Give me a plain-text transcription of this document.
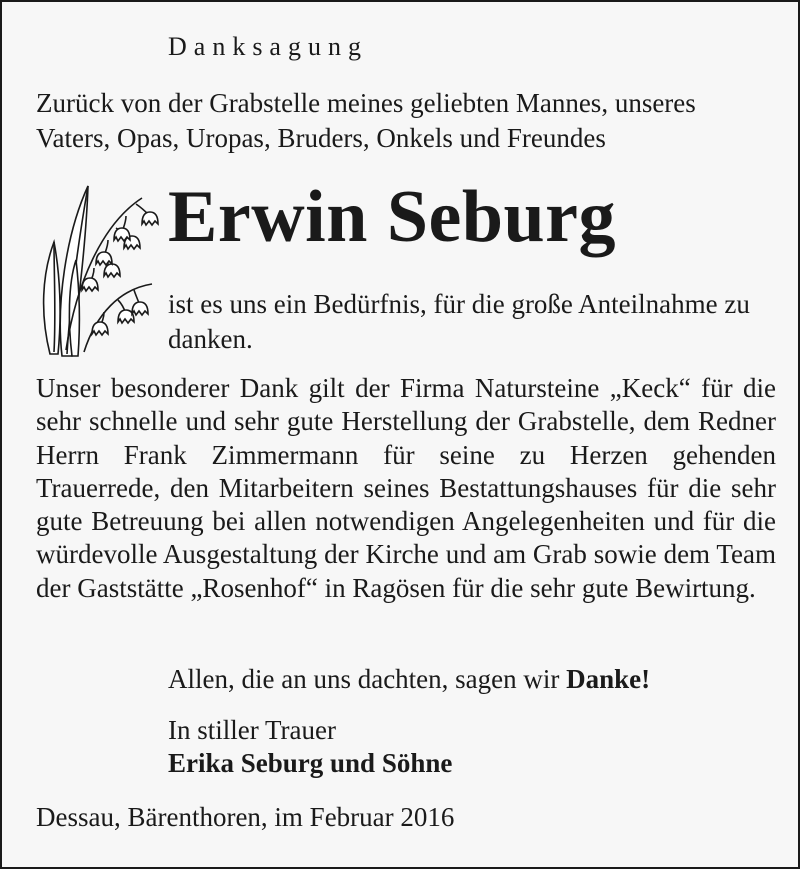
Danksagung
Zurück von der Grabstelle meines geliebten Mannes, unseres Vaters, Opas, Uropas, Bruders, Onkels und Freundes
Erwin Seburg
ist es uns ein Bedürfnis, für die große Anteilnahme zu danken.
Unser besonderer Dank gilt der Firma Natursteine „Keck“ für die sehr schnelle und sehr gute Herstellung der Grabstelle, dem Redner Herrn Frank Zimmermann für seine zu Herzen gehenden Trauerrede, den Mitarbeitern seines Bestattungshauses für die sehr gute Betreuung bei allen notwendigen Angelegenheiten und für die würdevolle Ausgestaltung der Kirche und am Grab sowie dem Team der Gaststätte „Rosenhof“ in Ragösen für die sehr gute Bewirtung.
Allen, die an uns dachten, sagen wir Danke!
In stiller Trauer
Erika Seburg und Söhne
Dessau, Bärenthoren, im Februar 2016
